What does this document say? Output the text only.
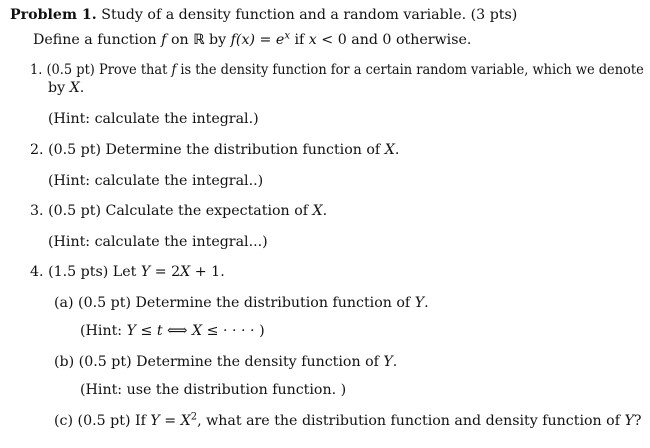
Problem 1. Study of a density function and a random variable. (3 pts)
Define a function f on ℝ by $f(x) = e^x$ if x < 0 and 0 otherwise.
1. (0.5 pt) Prove that f is the density function for a certain random variable, which we denote
by X.
(Hint: calculate the integral.)
2. (0.5 pt) Determine the distribution function of X.
(Hint: calculate the integral..)
3. (0.5 pt) Calculate the expectation of X.
(Hint: calculate the integral...)
4. (1.5 pts) Let Y = 2X + 1.
(a) (0.5 pt) Determine the distribution function of Y.
(Hint: Y ≤ t ⟺ X ≤ · · · · )
(b) (0.5 pt) Determine the density function of Y.
(Hint: use the distribution function. )
(c) (0.5 pt) If $Y = X^2$, what are the distribution function and density function of Y?
